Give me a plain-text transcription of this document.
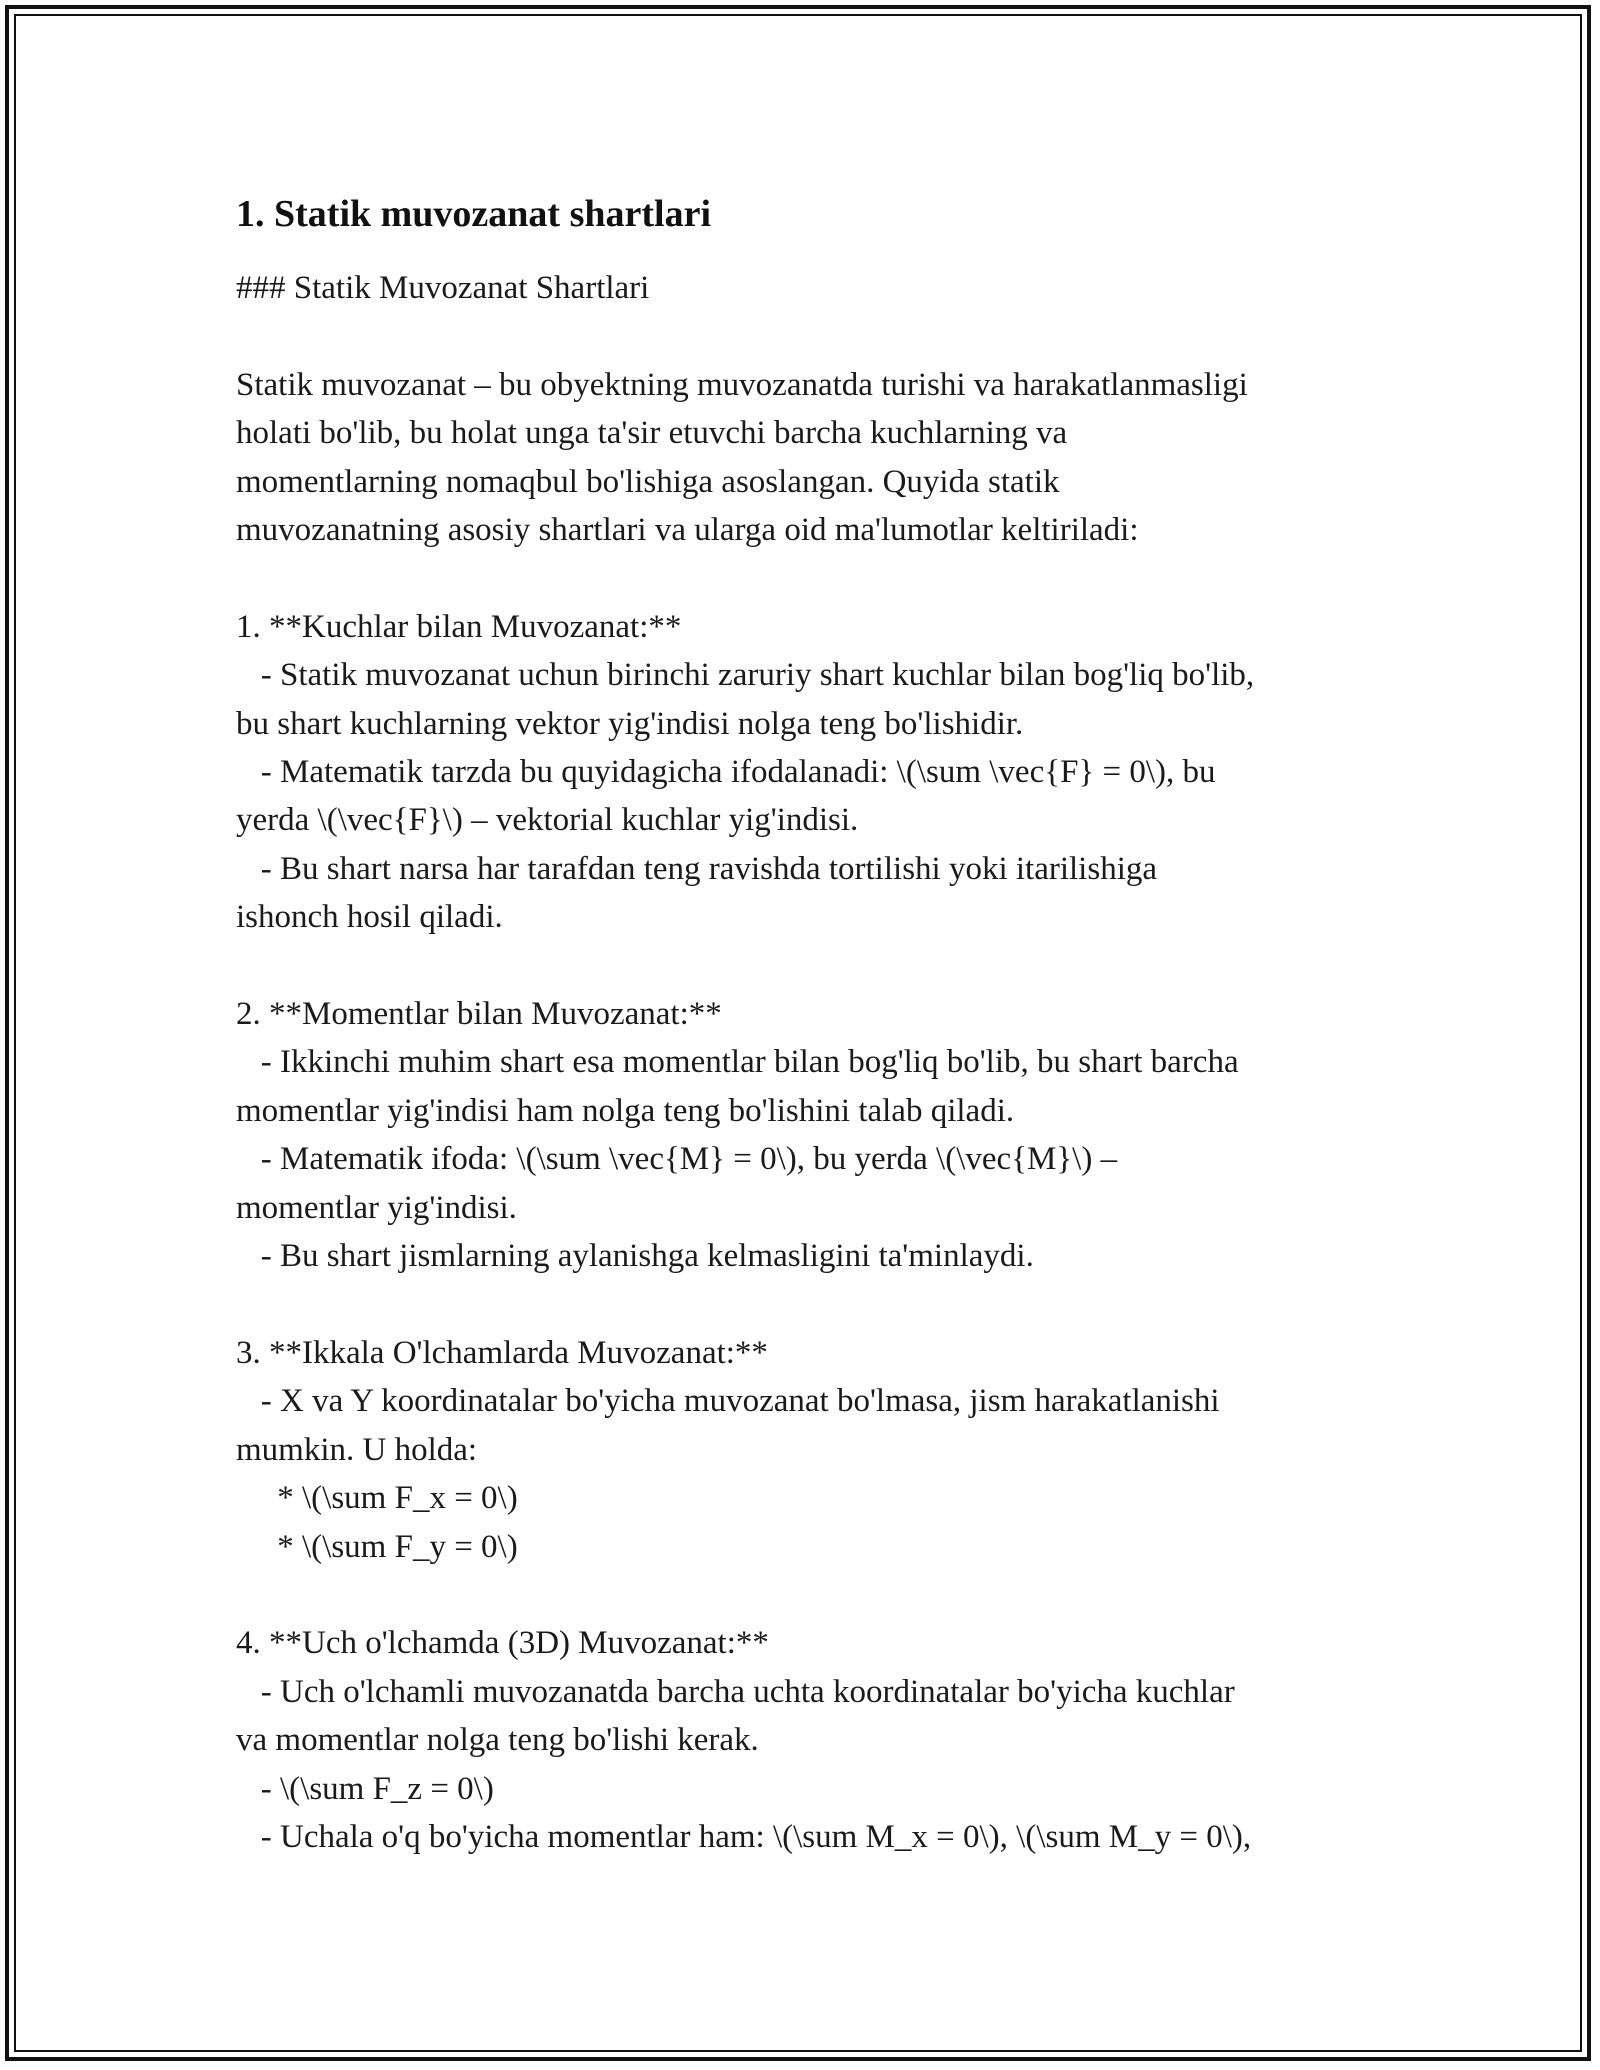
1. Statik muvozanat shartlari

### Statik Muvozanat Shartlari

Statik muvozanat – bu obyektning muvozanatda turishi va harakatlanmasligi
holati bo'lib, bu holat unga ta'sir etuvchi barcha kuchlarning va
momentlarning nomaqbul bo'lishiga asoslangan. Quyida statik
muvozanatning asosiy shartlari va ularga oid ma'lumotlar keltiriladi:

1. **Kuchlar bilan Muvozanat:**

- Statik muvozanat uchun birinchi zaruriy shart kuchlar bilan bog'liq bo'lib,
bu shart kuchlarning vektor yig'indisi nolga teng bo'lishidir.
- Matematik tarzda bu quyidagicha ifodalanadi: \(\sum \vec{F} = 0\), bu
yerda \(\vec{F}\) – vektorial kuchlar yig'indisi.
- Bu shart narsa har tarafdan teng ravishda tortilishi yoki itarilishiga
ishonch hosil qiladi.

2. **Momentlar bilan Muvozanat:**

- Ikkinchi muhim shart esa momentlar bilan bog'liq bo'lib, bu shart barcha
momentlar yig'indisi ham nolga teng bo'lishini talab qiladi.
- Matematik ifoda: \(\sum \vec{M} = 0\), bu yerda \(\vec{M}\) –
momentlar yig'indisi.
- Bu shart jismlarning aylanishga kelmasligini ta'minlaydi.

3. **Ikkala O'lchamlarda Muvozanat:**

- X va Y koordinatalar bo'yicha muvozanat bo'lmasa, jism harakatlanishi
mumkin. U holda:
* \(\sum F_x = 0\)
* \(\sum F_y = 0\)

4. **Uch o'lchamda (3D) Muvozanat:**

- Uch o'lchamli muvozanatda barcha uchta koordinatalar bo'yicha kuchlar
va momentlar nolga teng bo'lishi kerak.
- \(\sum F_z = 0\)
- Uchala o'q bo'yicha momentlar ham: \(\sum M_x = 0\), \(\sum M_y = 0\),
